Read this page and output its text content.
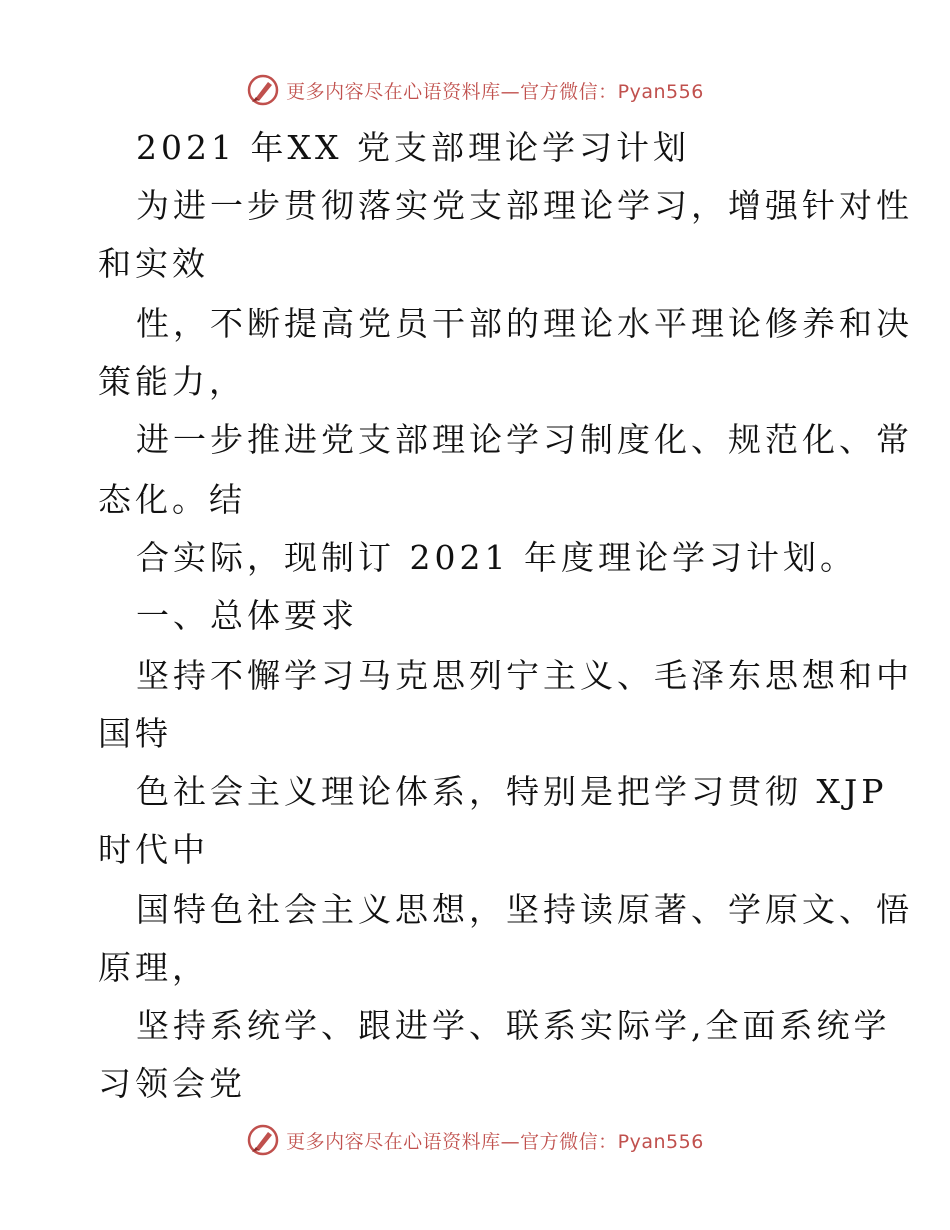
更多内容尽在心语资料库—官方微信：Pyan556
2021 年XX 党支部理论学习计划
为进一步贯彻落实党支部理论学习，增强针对性
和实效
性，不断提高党员干部的理论水平理论修养和决
策能力，
进一步推进党支部理论学习制度化、规范化、常
态化。结
合实际，现制订 2021 年度理论学习计划。
一、总体要求
坚持不懈学习马克思列宁主义、毛泽东思想和中
国特
色社会主义理论体系，特别是把学习贯彻 XJP
时代中
国特色社会主义思想，坚持读原著、学原文、悟
原理，
坚持系统学、跟进学、联系实际学,全面系统学
习领会党
更多内容尽在心语资料库—官方微信：Pyan556
